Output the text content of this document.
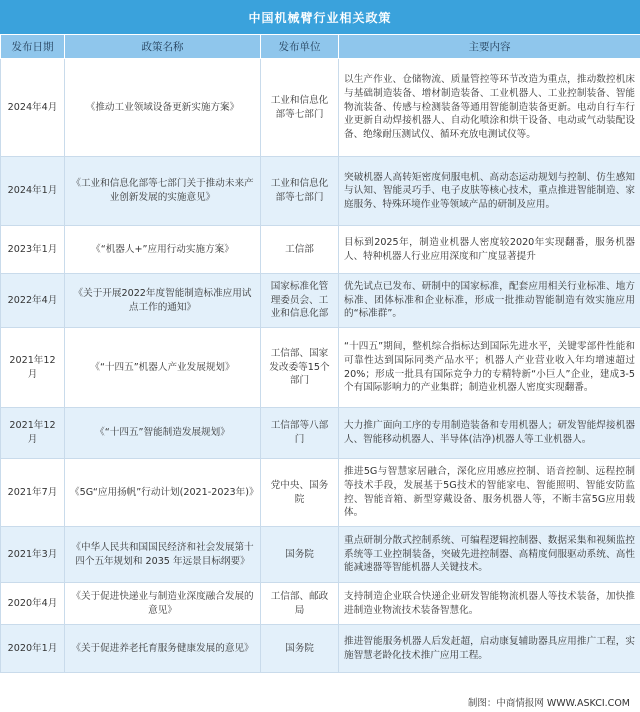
中国机械臂行业相关政策
发布日期	政策名称	发布单位	主要内容
2024年4月	《推动工业领域设备更新实施方案》	工业和信息化部等七部门	以生产作业、仓储物流、质量管控等环节改造为重点，推动数控机床与基础制造装备、增材制造装备、工业机器人、工业控制装备、智能物流装备、传感与检测装备等通用智能制造装备更新。电动自行车行业更新自动焊接机器人、自动化喷涂和烘干设备、电动或气动装配设备、绝缘耐压测试仪、循环充放电测试仪等。
2024年1月	《工业和信息化部等七部门关于推动未来产业创新发展的实施意见》	工业和信息化部等七部门	突破机器人高转矩密度伺服电机、高动态运动规划与控制、仿生感知与认知、智能灵巧手、电子皮肤等核心技术，重点推进智能制造、家庭服务、特殊环境作业等领域产品的研制及应用。
2023年1月	《“机器人+”应用行动实施方案》	工信部	目标到2025年，制造业机器人密度较2020年实现翻番，服务机器人、特种机器人行业应用深度和广度显著提升
2022年4月	《关于开展2022年度智能制造标准应用试点工作的通知》	国家标准化管理委员会、工业和信息化部	优先试点已发布、研制中的国家标准，配套应用相关行业标准、地方标准、团体标准和企业标准，形成一批推动智能制造有效实施应用的“标准群”。
2021年12月	《“十四五”机器人产业发展规划》	工信部、国家发改委等15个部门	“十四五”期间，整机综合指标达到国际先进水平，关键零部件性能和可靠性达到国际同类产品水平；机器人产业营业收入年均增速超过20%；形成一批具有国际竞争力的专精特新“小巨人”企业，建成3-5个有国际影响力的产业集群；制造业机器人密度实现翻番。
2021年12月	《“十四五”智能制造发展规划》	工信部等八部门	大力推广面向工序的专用制造装备和专用机器人；研发智能焊接机器人、智能移动机器人、半导体(洁净)机器人等工业机器人。
2021年7月	《5G“应用扬帆”行动计划(2021-2023年)》	党中央、国务院	推进5G与智慧家居融合，深化应用感应控制、语音控制、远程控制等技术手段，发展基于5G技术的智能家电、智能照明、智能安防监控、智能音箱、新型穿戴设备、服务机器人等，不断丰富5G应用载体。
2021年3月	《中华人民共和国国民经济和社会发展第十四个五年规划和 2035 年远景目标纲要》	国务院	重点研制分散式控制系统、可编程逻辑控制器、数据采集和视频监控系统等工业控制装备，突破先进控制器、高精度伺服驱动系统、高性能减速器等智能机器人关键技术。
2020年4月	《关于促进快递业与制造业深度融合发展的意见》	工信部、邮政局	支持制造企业联合快递企业研发智能物流机器人等技术装备，加快推进制造业物流技术装备智慧化。
2020年1月	《关于促进养老托育服务健康发展的意见》	国务院	推进智能服务机器人后发赶超，启动康复辅助器具应用推广工程，实施智慧老龄化技术推广应用工程。
制图：中商情报网 WWW.ASKCI.COM
